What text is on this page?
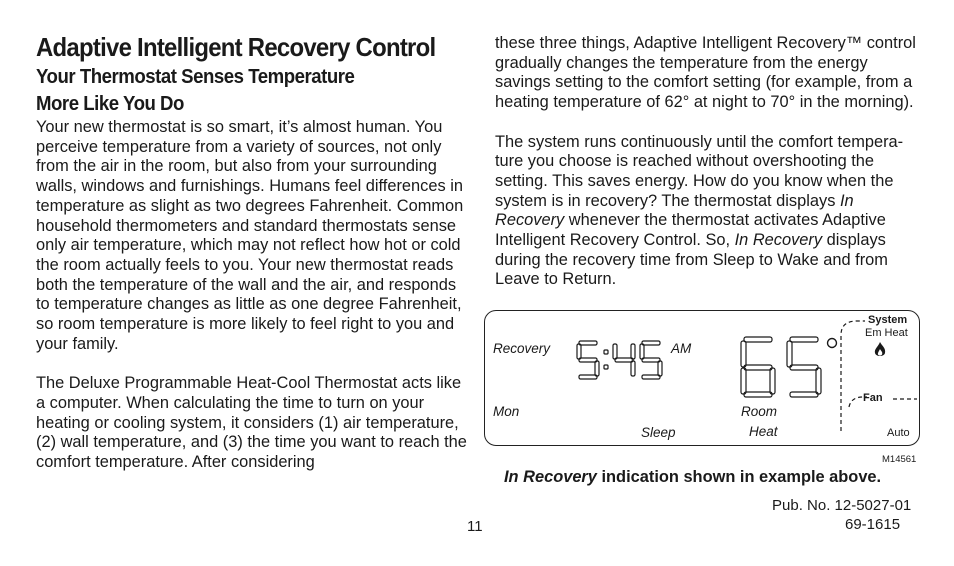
Adaptive Intelligent Recovery Control
Your Thermostat Senses Temperature
More Like You Do

Your new thermostat is so smart, it’s almost human. You perceive temperature from a variety of sources, not only from the air in the room, but also from your surrounding walls, windows and furnishings. Humans feel differences in temperature as slight as two degrees Fahrenheit. Common household thermometers and standard thermostats sense only air temperature, which may not reflect how hot or cold the room actually feels to you. Your new thermostat reads both the temperature of the wall and the air, and responds to temperature changes as little as one degree Fahrenheit, so room temperature is more likely to feel right to you and your family.

The Deluxe Programmable Heat-Cool Thermostat acts like a computer. When calculating the time to turn on your heating or cooling system, it considers (1) air temperature, (2) wall temperature, and (3) the time you want to reach the comfort temperature. After considering

these three things, Adaptive Intelligent Recovery™ control gradually changes the temperature from the energy savings setting to the comfort setting (for example, from a heating temperature of 62° at night to 70° in the morning).

The system runs continuously until the comfort tempera-ture you choose is reached without overshooting the setting. This saves energy. How do you know when the system is in recovery? The thermostat displays In Recovery whenever the thermostat activates Adaptive Intelligent Recovery Control. So, In Recovery displays during the recovery time from Sleep to Wake and from Leave to Return.

Recovery
Mon
Sleep
AM
Room
Heat
System
Em Heat
Fan
Auto
M14561
In Recovery indication shown in example above.
Pub. No. 12-5027-01
69-1615
11
